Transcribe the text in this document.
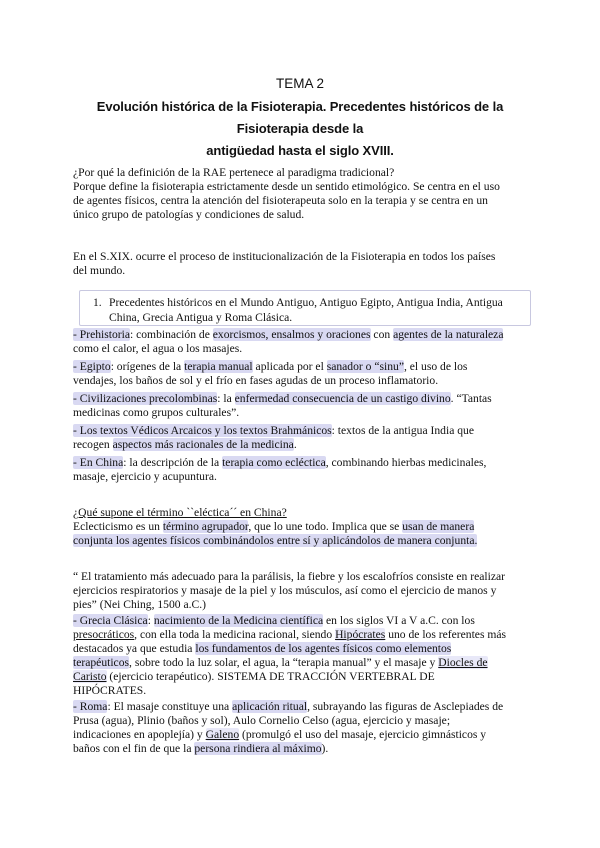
TEMA 2
Evolución histórica de la Fisioterapia. Precedentes históricos de la Fisioterapia desde la
antigüedad hasta el siglo XVIII.
¿Por qué la definición de la RAE pertenece al paradigma tradicional?
Porque define la fisioterapia estrictamente desde un sentido etimológico. Se centra en el uso
de agentes físicos, centra la atención del fisioterapeuta solo en la terapia y se centra en un
único grupo de patologías y condiciones de salud.
En el S.XIX. ocurre el proceso de institucionalización de la Fisioterapia en todos los países
del mundo.
1. Precedentes históricos en el Mundo Antiguo, Antiguo Egipto, Antigua India, Antigua
China, Grecia Antigua y Roma Clásica.
- Prehistoria: combinación de exorcismos, ensalmos y oraciones con agentes de la naturaleza
como el calor, el agua o los masajes.
- Egipto: orígenes de la terapia manual aplicada por el sanador o “sinu”, el uso de los
vendajes, los baños de sol y el frío en fases agudas de un proceso inflamatorio.
- Civilizaciones precolombinas: la enfermedad consecuencia de un castigo divino. “Tantas
medicinas como grupos culturales”.
- Los textos Védicos Arcaicos y los textos Brahmánicos: textos de la antigua India que
recogen aspectos más racionales de la medicina.
- En China: la descripción de la terapia como ecléctica, combinando hierbas medicinales,
masaje, ejercicio y acupuntura.
¿Qué supone el término ``eléctica´´ en China?
Eclecticismo es un término agrupador, que lo une todo. Implica que se usan de manera
conjunta los agentes físicos combinándolos entre sí y aplicándolos de manera conjunta.
“ El tratamiento más adecuado para la parálisis, la fiebre y los escalofríos consiste en realizar
ejercicios respiratorios y masaje de la piel y los músculos, así como el ejercicio de manos y
pies” (Nei Ching, 1500 a.C.)
- Grecia Clásica: nacimiento de la Medicina científica en los siglos VI a V a.C. con los
presocráticos, con ella toda la medicina racional, siendo Hipócrates uno de los referentes más
destacados ya que estudia los fundamentos de los agentes físicos como elementos
terapéuticos, sobre todo la luz solar, el agua, la “terapia manual” y el masaje y Diocles de
Caristo (ejercicio terapéutico). SISTEMA DE TRACCIÓN VERTEBRAL DE
HIPÓCRATES.
- Roma: El masaje constituye una aplicación ritual, subrayando las figuras de Asclepiades de
Prusa (agua), Plinio (baños y sol), Aulo Cornelio Celso (agua, ejercicio y masaje;
indicaciones en apoplejía) y Galeno (promulgó el uso del masaje, ejercicio gimnásticos y
baños con el fin de que la persona rindiera al máximo).
